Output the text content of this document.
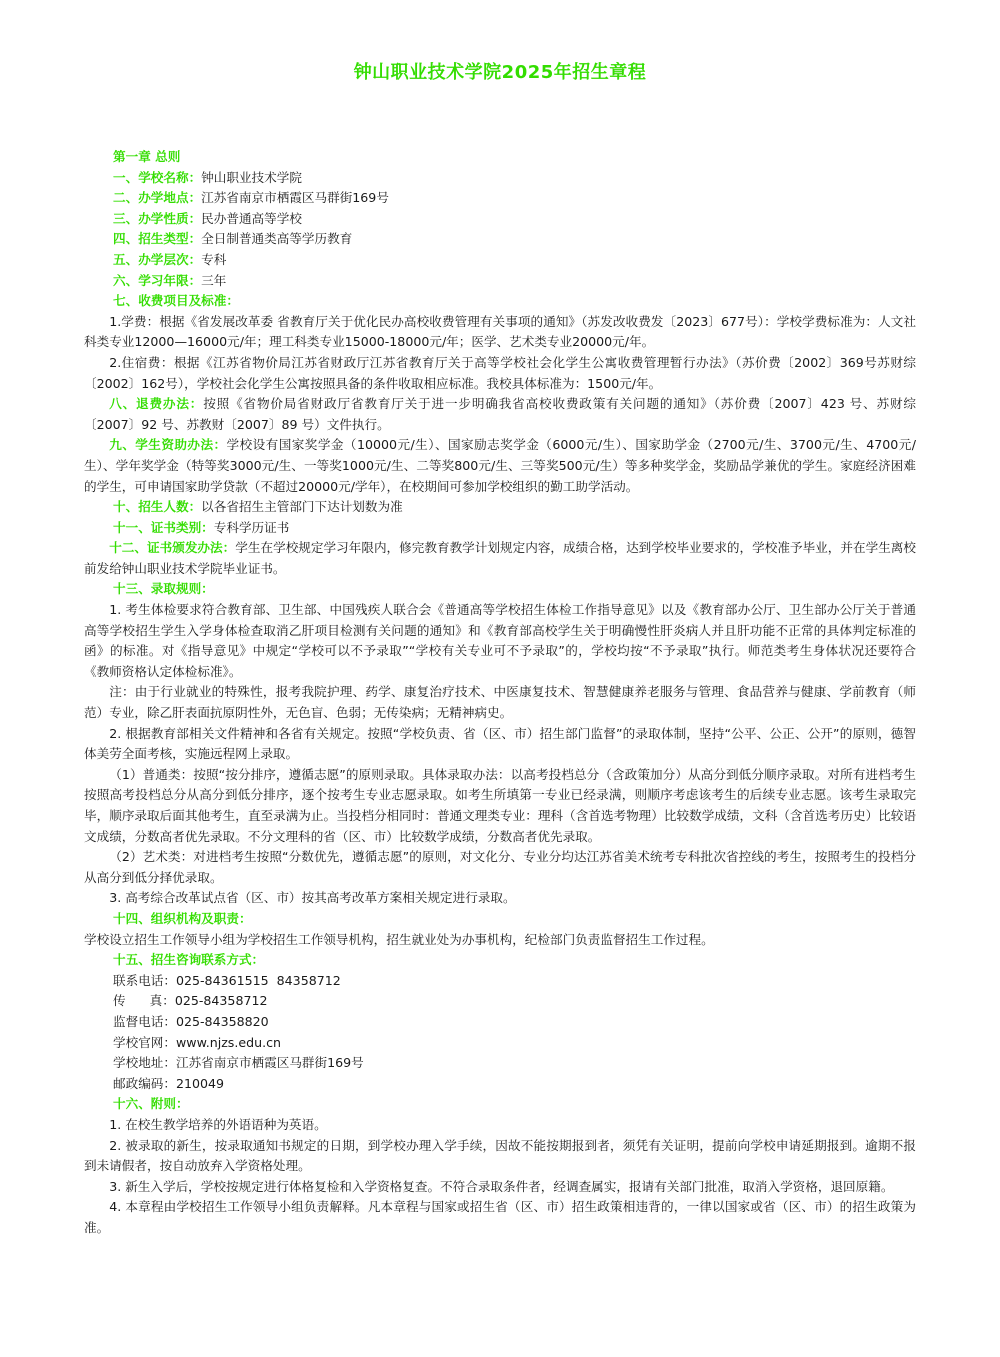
钟山职业技术学院2025年招生章程
第一章 总则
一、学校名称：钟山职业技术学院
二、办学地点：江苏省南京市栖霞区马群街169号
三、办学性质：民办普通高等学校
四、招生类型：全日制普通类高等学历教育
五、办学层次：专科
六、学习年限：三年
七、收费项目及标准：

1.学费：根据《省发展改革委 省教育厅关于优化民办高校收费管理有关事项的通知》（苏发改收费发〔2023〕677号）：学校学费标准为：人文社科类专业12000—16000元/年；理工科类专业15000-18000元/年；医学、艺术类专业20000元/年。

2.住宿费：根据《江苏省物价局江苏省财政厅江苏省教育厅关于高等学校社会化学生公寓收费管理暂行办法》（苏价费〔2002〕369号苏财综〔2002〕162号），学校社会化学生公寓按照具备的条件收取相应标准。我校具体标准为：1500元/年。

八、退费办法：按照《省物价局省财政厅省教育厅关于进一步明确我省高校收费政策有关问题的通知》（苏价费〔2007〕423 号、苏财综〔2007〕92 号、苏教财〔2007〕89 号）文件执行。

九、学生资助办法：学校设有国家奖学金（10000元/生）、国家励志奖学金（6000元/生）、国家助学金（2700元/生、3700元/生、4700元/生）、学年奖学金（特等奖3000元/生、一等奖1000元/生、二等奖800元/生、三等奖500元/生）等多种奖学金，奖励品学兼优的学生。家庭经济困难的学生，可申请国家助学贷款（不超过20000元/学年），在校期间可参加学校组织的勤工助学活动。

十、招生人数：以各省招生主管部门下达计划数为准
十一、证书类别：专科学历证书

十二、证书颁发办法：学生在学校规定学习年限内，修完教育教学计划规定内容，成绩合格，达到学校毕业要求的，学校准予毕业，并在学生离校前发给钟山职业技术学院毕业证书。

十三、录取规则：

1. 考生体检要求符合教育部、卫生部、中国残疾人联合会《普通高等学校招生体检工作指导意见》以及《教育部办公厅、卫生部办公厅关于普通高等学校招生学生入学身体检查取消乙肝项目检测有关问题的通知》和《教育部高校学生关于明确慢性肝炎病人并且肝功能不正常的具体判定标准的函》的标准。对《指导意见》中规定“学校可以不予录取”“学校有关专业可不予录取”的，学校均按“不予录取”执行。师范类考生身体状况还要符合《教师资格认定体检标准》。

注：由于行业就业的特殊性，报考我院护理、药学、康复治疗技术、中医康复技术、智慧健康养老服务与管理、食品营养与健康、学前教育（师范）专业，除乙肝表面抗原阴性外，无色盲、色弱；无传染病；无精神病史。

2. 根据教育部相关文件精神和各省有关规定。按照“学校负责、省（区、市）招生部门监督”的录取体制，坚持“公平、公正、公开”的原则，德智体美劳全面考核，实施远程网上录取。

（1）普通类：按照“按分排序，遵循志愿”的原则录取。具体录取办法：以高考投档总分（含政策加分）从高分到低分顺序录取。对所有进档考生按照高考投档总分从高分到低分排序，逐个按考生专业志愿录取。如考生所填第一专业已经录满，则顺序考虑该考生的后续专业志愿。该考生录取完毕，顺序录取后面其他考生，直至录满为止。当投档分相同时：普通文理类专业：理科（含首选考物理）比较数学成绩，文科（含首选考历史）比较语文成绩，分数高者优先录取。不分文理科的省（区、市）比较数学成绩，分数高者优先录取。

（2）艺术类：对进档考生按照“分数优先，遵循志愿”的原则，对文化分、专业分均达江苏省美术统考专科批次省控线的考生，按照考生的投档分从高分到低分择优录取。

3. 高考综合改革试点省（区、市）按其高考改革方案相关规定进行录取。

十四、组织机构及职责：

学校设立招生工作领导小组为学校招生工作领导机构，招生就业处为办事机构，纪检部门负责监督招生工作过程。

十五、招生咨询联系方式：
联系电话：025-84361515  84358712
传      真：025-84358712
监督电话：025-84358820
学校官网：www.njzs.edu.cn
学校地址：江苏省南京市栖霞区马群街169号
邮政编码：210049
十六、附则：

1. 在校生教学培养的外语语种为英语。

2. 被录取的新生，按录取通知书规定的日期，到学校办理入学手续，因故不能按期报到者，须凭有关证明，提前向学校申请延期报到。逾期不报到未请假者，按自动放弃入学资格处理。

3. 新生入学后，学校按规定进行体格复检和入学资格复查。不符合录取条件者，经调查属实，报请有关部门批准，取消入学资格，退回原籍。

4. 本章程由学校招生工作领导小组负责解释。凡本章程与国家或招生省（区、市）招生政策相违背的，一律以国家或省（区、市）的招生政策为准。
